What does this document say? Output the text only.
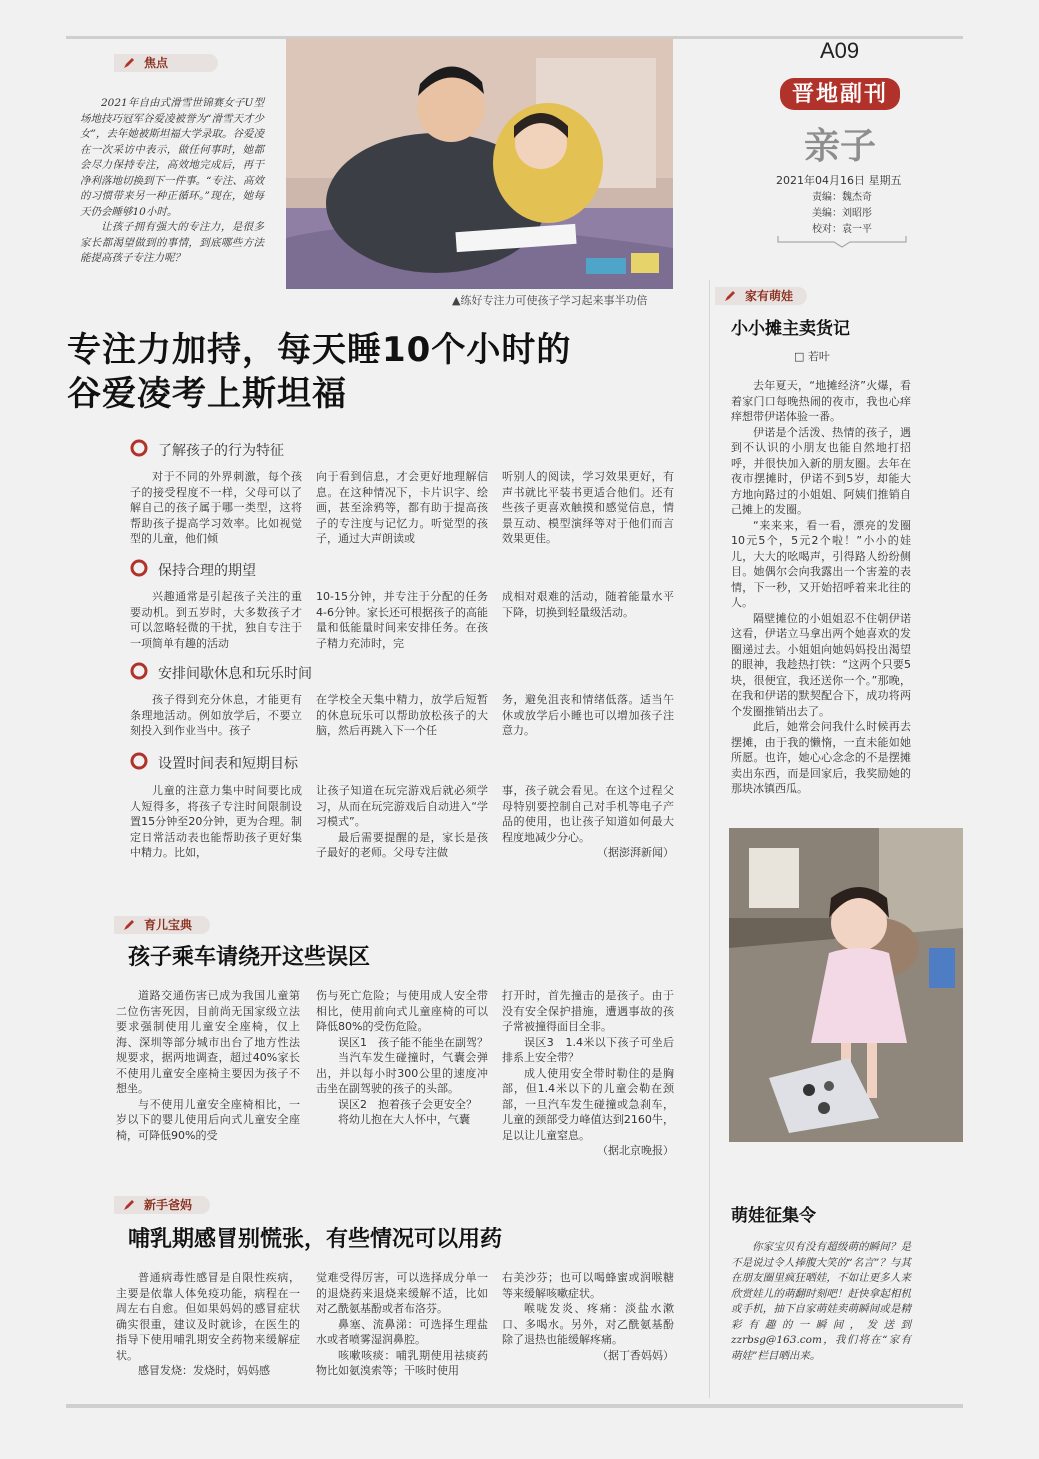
A09
晋地副刊
亲子
2021年04月16日 星期五
责编：魏杰奇
美编：刘昭彤
校对：袁一平
焦点

2021年自由式滑雪世锦赛女子U型场地技巧冠军谷爱凌被誉为“滑雪天才少女”，去年她被斯坦福大学录取。谷爱凌在一次采访中表示，做任何事时，她都会尽力保持专注，高效地完成后，再干净利落地切换到下一件事。“专注、高效的习惯带来另一种正循环。”现在，她每天仍会睡够10小时。

让孩子拥有强大的专注力，是很多家长都渴望做到的事情，到底哪些方法能提高孩子专注力呢？

▲练好专注力可使孩子学习起来事半功倍
专注力加持，每天睡10个小时的
谷爱凌考上斯坦福
了解孩子的行为特征

对于不同的外界刺激，每个孩子的接受程度不一样，父母可以了解自己的孩子属于哪一类型，这将帮助孩子提高学习效率。比如视觉型的儿童，他们倾

向于看到信息，才会更好地理解信息。在这种情况下，卡片识字、绘画，甚至涂鸦等，都有助于提高孩子的专注度与记忆力。听觉型的孩子，通过大声朗读或

听别人的阅读，学习效果更好，有声书就比平装书更适合他们。还有些孩子更喜欢触摸和感觉信息，情景互动、模型演绎等对于他们而言效果更佳。

保持合理的期望

兴趣通常是引起孩子关注的重要动机。到五岁时，大多数孩子才可以忽略轻微的干扰，独自专注于一项简单有趣的活动

10-15分钟，并专注于分配的任务4-6分钟。家长还可根据孩子的高能量和低能量时间来安排任务。在孩子精力充沛时，完

成相对艰难的活动，随着能量水平下降，切换到轻量级活动。

安排间歇休息和玩乐时间

孩子得到充分休息，才能更有条理地活动。例如放学后，不要立刻投入到作业当中。孩子

在学校全天集中精力，放学后短暂的休息玩乐可以帮助放松孩子的大脑，然后再跳入下一个任

务，避免沮丧和情绪低落。适当午休或放学后小睡也可以增加孩子注意力。

设置时间表和短期目标

儿童的注意力集中时间要比成人短得多，将孩子专注时间限制设置15分钟至20分钟，更为合理。制定日常活动表也能帮助孩子更好集中精力。比如，

让孩子知道在玩完游戏后就必须学习，从而在玩完游戏后自动进入“学习模式”。

最后需要提醒的是，家长是孩子最好的老师。父母专注做

事，孩子就会看见。在这个过程父母特别要控制自己对手机等电子产品的使用，也让孩子知道如何最大程度地减少分心。

（据澎湃新闻）

育儿宝典
孩子乘车请绕开这些误区

道路交通伤害已成为我国儿童第二位伤害死因，目前尚无国家级立法要求强制使用儿童安全座椅，仅上海、深圳等部分城市出台了地方性法规要求，据两地调查，超过40%家长不使用儿童安全座椅主要因为孩子不想坐。

与不使用儿童安全座椅相比，一岁以下的婴儿使用后向式儿童安全座椅，可降低90%的受

伤与死亡危险；与使用成人安全带相比，使用前向式儿童座椅的可以降低80%的受伤危险。

误区1　孩子能不能坐在副驾？

当汽车发生碰撞时，气囊会弹出，并以每小时300公里的速度冲击坐在副驾驶的孩子的头部。

误区2　抱着孩子会更安全？

将幼儿抱在大人怀中，气囊

打开时，首先撞击的是孩子。由于没有安全保护措施，遭遇事故的孩子常被撞得面目全非。

误区3　1.4米以下孩子可坐后排系上安全带？

成人使用安全带时勒住的是胸部，但1.4米以下的儿童会勒在颈部，一旦汽车发生碰撞或急刹车，儿童的颈部受力峰值达到2160牛，足以让儿童窒息。

（据北京晚报）

新手爸妈
哺乳期感冒别慌张，有些情况可以用药

普通病毒性感冒是自限性疾病，主要是依靠人体免疫功能，病程在一周左右自愈。但如果妈妈的感冒症状确实很重，建议及时就诊，在医生的指导下使用哺乳期安全药物来缓解症状。

感冒发烧：发烧时，妈妈感

觉难受得厉害，可以选择成分单一的退烧药来退烧来缓解不适，比如对乙酰氨基酚或者布洛芬。

鼻塞、流鼻涕：可选择生理盐水或者喷雾湿润鼻腔。

咳嗽咳痰：哺乳期使用祛痰药物比如氨溴索等；干咳时使用

右美沙芬；也可以喝蜂蜜或润喉糖等来缓解咳嗽症状。

喉咙发炎、疼痛：淡盐水漱口、多喝水。另外，对乙酰氨基酚除了退热也能缓解疼痛。

（据丁香妈妈）

家有萌娃
小小摊主卖货记
□ 若叶

去年夏天，“地摊经济”火爆，看着家门口每晚热闹的夜市，我也心痒痒想带伊诺体验一番。

伊诺是个活泼、热情的孩子，遇到不认识的小朋友也能自然地打招呼，并很快加入新的朋友圈。去年在夜市摆摊时，伊诺不到5岁，却能大方地向路过的小姐姐、阿姨们推销自己摊上的发圈。

“来来来，看一看，漂亮的发圈10元5个，5元2个啦！”小小的娃儿，大大的吆喝声，引得路人纷纷侧目。她偶尔会向我露出一个害羞的表情，下一秒，又开始招呼着来北往的人。

隔壁摊位的小姐姐忍不住朝伊诺这看，伊诺立马拿出两个她喜欢的发圈递过去。小姐姐向她妈妈投出渴望的眼神，我趁热打铁：“这两个只要5块，很便宜，我还送你一个。”那晚，在我和伊诺的默契配合下，成功将两个发圈推销出去了。

此后，她常会问我什么时候再去摆摊，由于我的懒惰，一直未能如她所愿。也许，她心心念念的不是摆摊卖出东西，而是回家后，我奖励她的那块冰镇西瓜。

萌娃征集令

你家宝贝有没有超级萌的瞬间？是不是说过令人捧腹大笑的“名言”？与其在朋友圈里疯狂晒娃，不如让更多人来欣赏娃儿的萌翻时刻吧！赶快拿起相机或手机，抽下自家萌娃卖萌瞬间或是精彩有趣的一瞬间，发送到zzrbsg@163.com，我们将在“家有萌娃”栏目晒出来。
